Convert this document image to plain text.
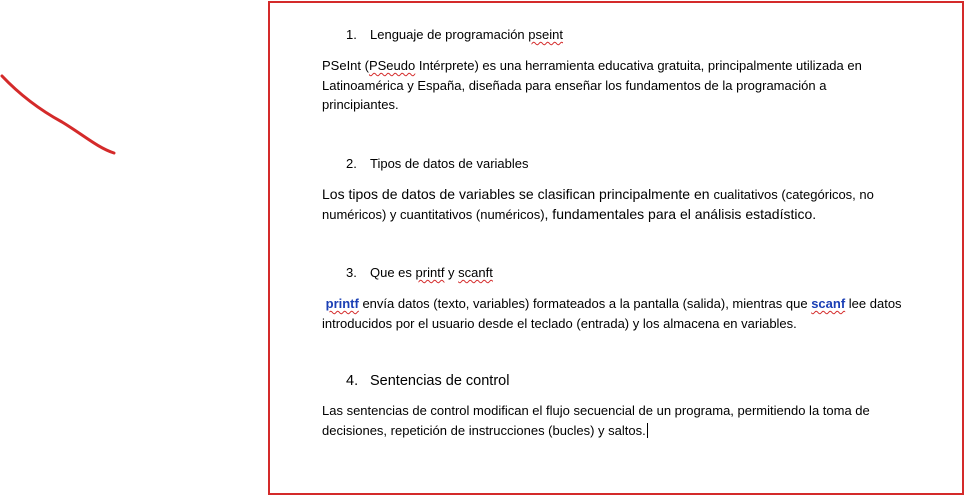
1. Lenguaje de programación pseint
PSeInt (PSeudo Intérprete) es una herramienta educativa gratuita, principalmente utilizada en Latinoamérica y España, diseñada para enseñar los fundamentos de la programación a principiantes.
2. Tipos de datos de variables
Los tipos de datos de variables se clasifican principalmente en cualitativos (categóricos, no numéricos) y cuantitativos (numéricos), fundamentales para el análisis estadístico.
3. Que es printf y scanft
printf envía datos (texto, variables) formateados a la pantalla (salida), mientras que scanf lee datos introducidos por el usuario desde el teclado (entrada) y los almacena en variables.
4. Sentencias de control
Las sentencias de control modifican el flujo secuencial de un programa, permitiendo la toma de decisiones, repetición de instrucciones (bucles) y saltos.
